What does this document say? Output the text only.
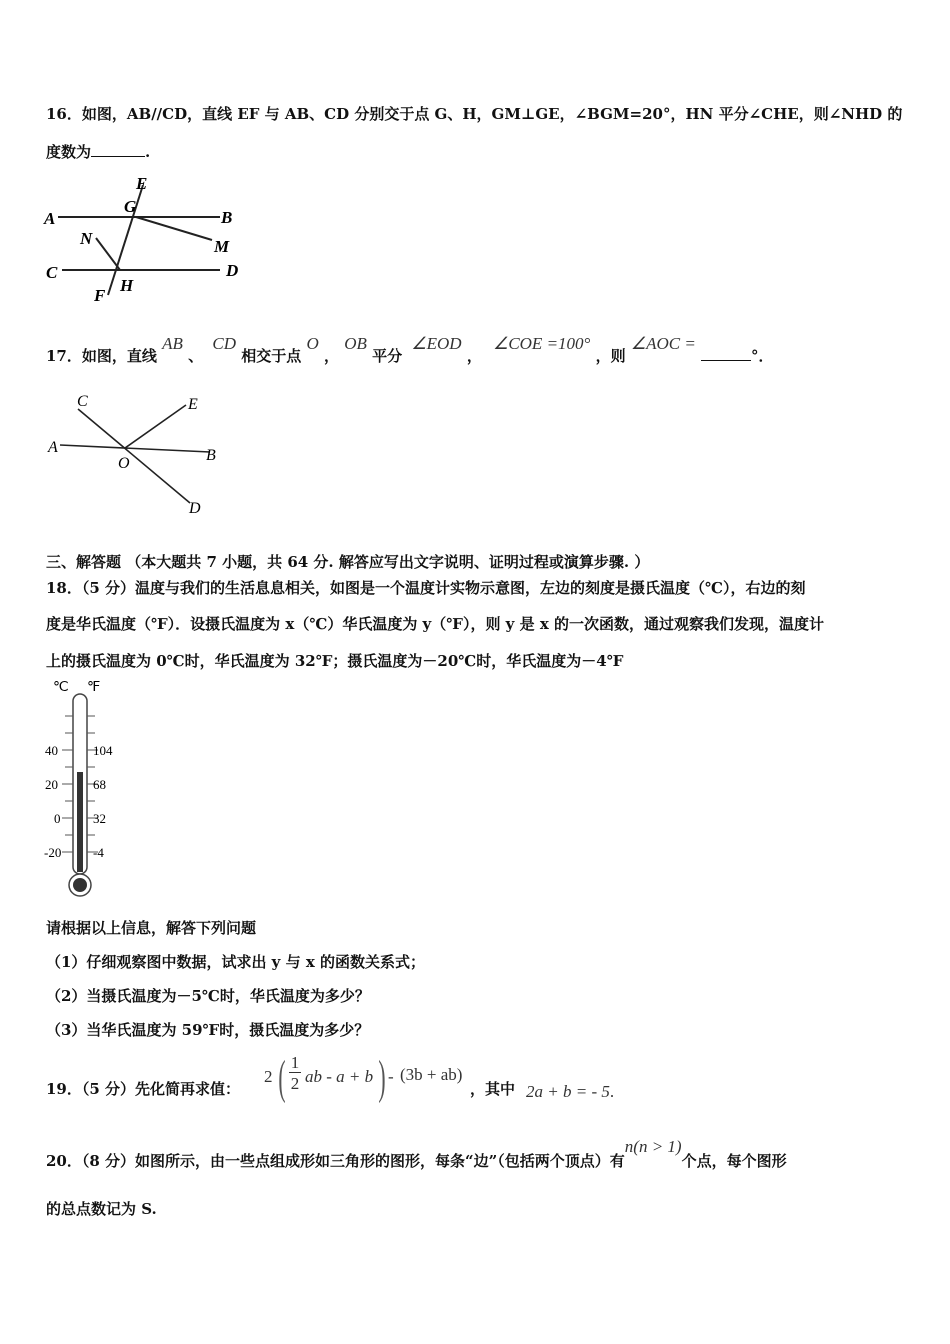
16．如图，AB//CD，直线 EF 与 AB、CD 分别交于点 G、H，GM⊥GE，∠BGM=20°，HN 平分∠CHE，则∠NHD 的
度数为	.
E
G
A	B
N	M
C	D
F
H
17．如图，直线 AB 、 CD 相交于点 O ， OB 平分 ∠EOD ， ∠COE =100° ，则 ∠AOC = °．
C	E
A
O	B
D
三、解答题 （本大题共 7 小题，共 64 分. 解答应写出文字说明、证明过程或演算步骤. ）
18．（5 分）温度与我们的生活息息相关，如图是一个温度计实物示意图，左边的刻度是摄氏温度（℃），右边的刻
度是华氏温度（℉）．设摄氏温度为 x（℃）华氏温度为 y（℉），则 y 是 x 的一次函数，通过观察我们发现，温度计
上的摄氏温度为 0℃时，华氏温度为 32℉；摄氏温度为－20℃时，华氏温度为－4℉
℃ ℉
40
20
0
-20
104
68
32
-4
请根据以上信息，解答下列问题
（1）仔细观察图中数据，试求出 y 与 x 的函数关系式；
（2）当摄氏温度为－5℃时，华氏温度为多少？
（3）当华氏温度为 59℉时，摄氏温度为多少？
19．（5 分）先化简再求值：
2 ( 1
2 ab - a + b ) - (3b + ab)
，其中 2a + b = - 5.
20．（8 分）如图所示，由一些点组成形如三角形的图形，每条“边”（包括两个顶点）有n(n > 1)个点，每个图形
的总点数记为 S.
